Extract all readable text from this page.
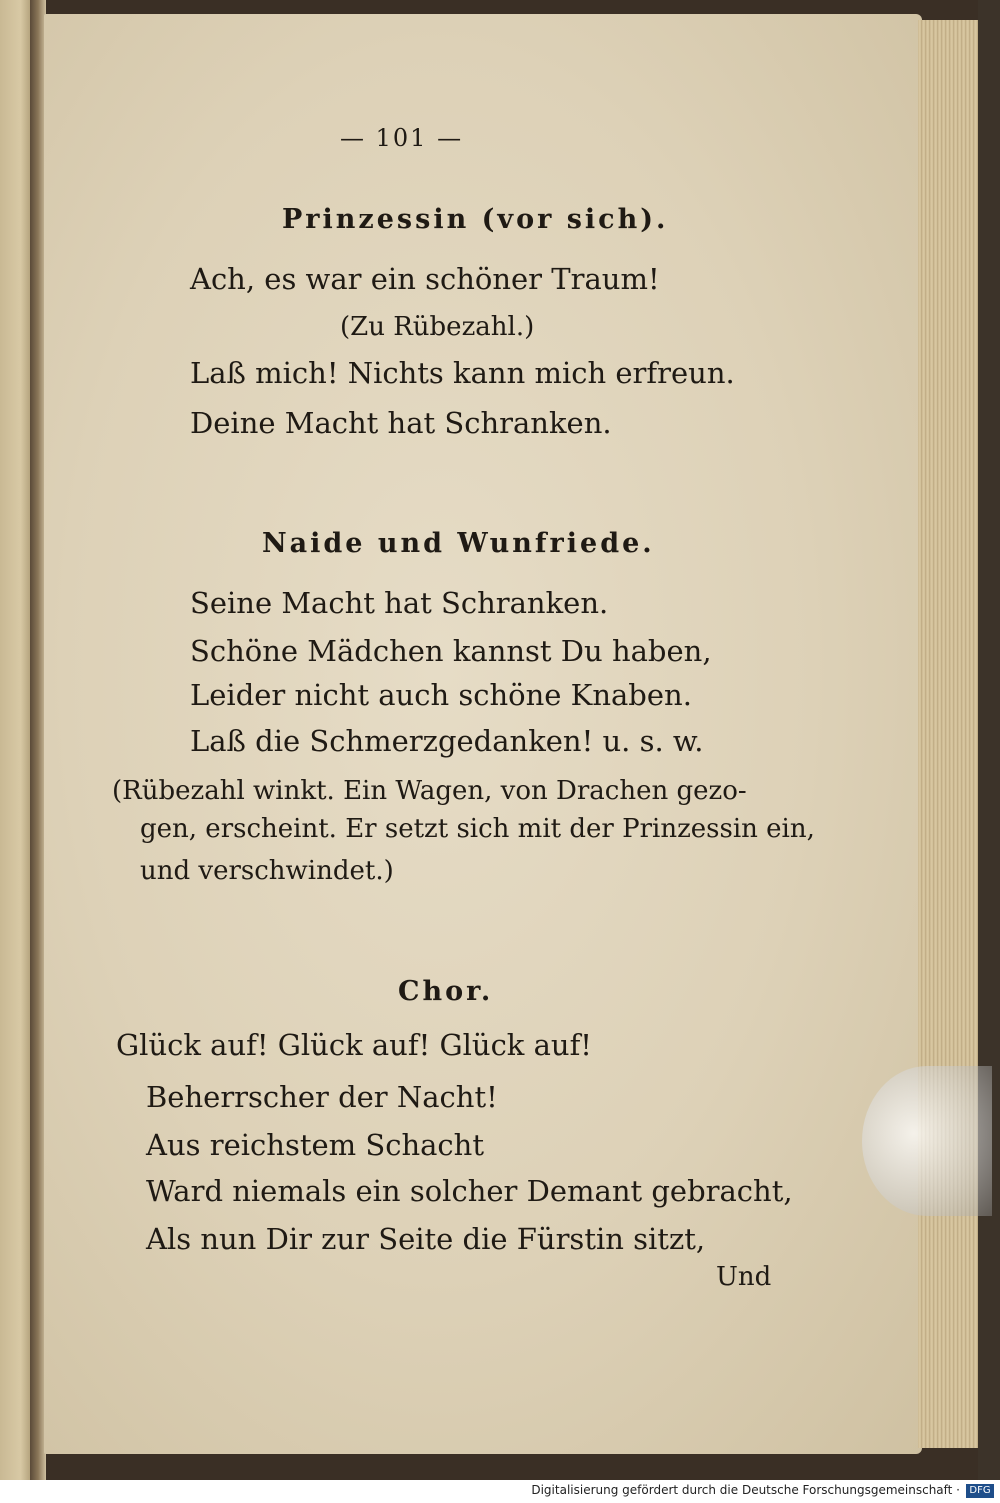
— 101 —
Prinzessin (vor sich).
Ach, es war ein schöner Traum!
(Zu Rübezahl.)
Laß mich! Nichts kann mich erfreun.
Deine Macht hat Schranken.
Naide und Wunfriede.
Seine Macht hat Schranken.
Schöne Mädchen kannst Du haben,
Leider nicht auch schöne Knaben.
Laß die Schmerzgedanken! u. s. w.
(Rübezahl winkt. Ein Wagen, von Drachen gezo-
gen, erscheint. Er setzt sich mit der Prinzessin ein,
und verschwindet.)
Chor.
Glück auf! Glück auf! Glück auf!
Beherrscher der Nacht!
Aus reichstem Schacht
Ward niemals ein solcher Demant gebracht,
Als nun Dir zur Seite die Fürstin sitzt,
Und
Digitalisierung gefördert durch die Deutsche Forschungsgemeinschaft · DFG
